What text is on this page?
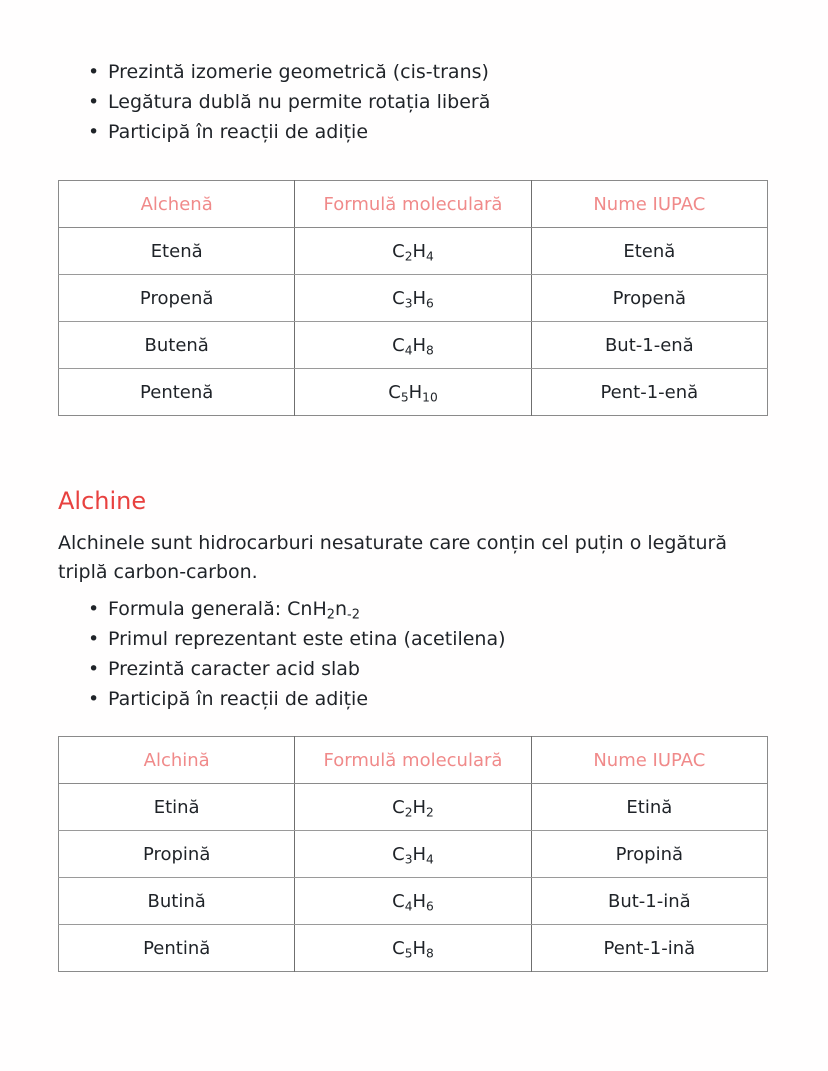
• Prezintă izomerie geometrică (cis-trans)
• Legătura dublă nu permite rotația liberă
• Participă în reacții de adiție
Alchenă	Formulă moleculară	Nume IUPAC
Etenă	$C_2H_4$	Etenă
Propenă	$C_3H_6$	Propenă
Butenă	$C_4H_8$	But-1-enă
Pentenă	$C_5H_{10}$	Pent-1-enă
Alchine

Alchinele sunt hidrocarburi nesaturate care conțin cel puțin o legătură triplă carbon-carbon.

• Formula generală: $CnH_2n_{-2}$
• Primul reprezentant este etina (acetilena)
• Prezintă caracter acid slab
• Participă în reacții de adiție
Alchină	Formulă moleculară	Nume IUPAC
Etină	$C_2H_2$	Etină
Propină	$C_3H_4$	Propină
Butină	$C_4H_6$	But-1-ină
Pentină	$C_5H_8$	Pent-1-ină
